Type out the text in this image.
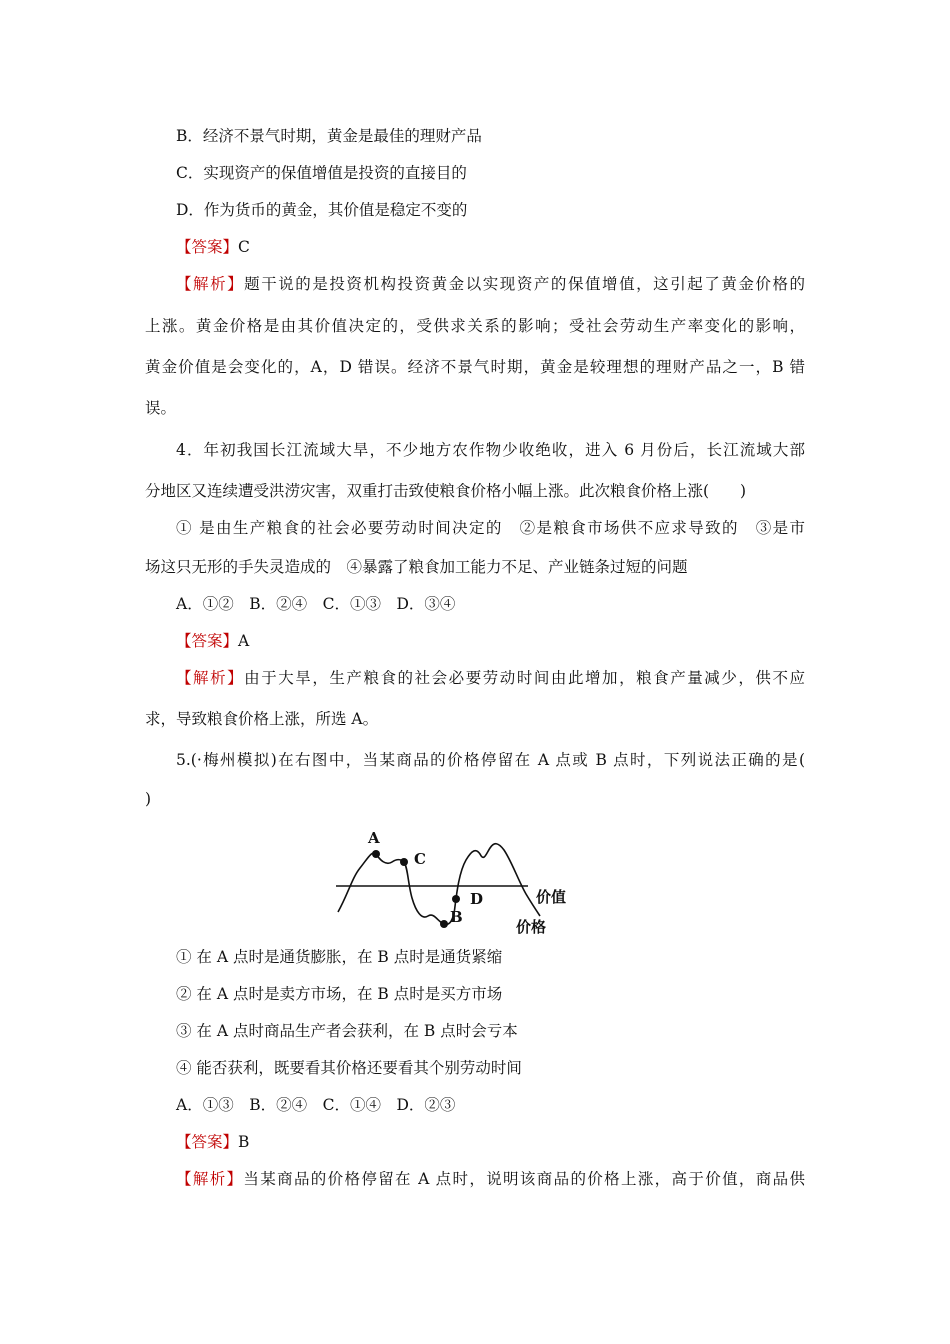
B．经济不景气时期，黄金是最佳的理财产品
C．实现资产的保值增值是投资的直接目的
D．作为货币的黄金，其价值是稳定不变的
【答案】C
【解析】题干说的是投资机构投资黄金以实现资产的保值增值，这引起了黄金价格的
上涨。黄金价格是由其价值决定的，受供求关系的影响；受社会劳动生产率变化的影响，
黄金价值是会变化的，A，D 错误。经济不景气时期，黄金是较理想的理财产品之一，B 错
误。
4．年初我国长江流域大旱，不少地方农作物少收绝收，进入 6 月份后，长江流域大部
分地区又连续遭受洪涝灾害，双重打击致使粮食价格小幅上涨。此次粮食价格上涨(　　)
① 是由生产粮食的社会必要劳动时间决定的　②是粮食市场供不应求导致的　③是市
场这只无形的手失灵造成的　④暴露了粮食加工能力不足、产业链条过短的问题
A．①②　B．②④　C．①③　D．③④
【答案】A
【解析】由于大旱，生产粮食的社会必要劳动时间由此增加，粮食产量减少，供不应
求，导致粮食价格上涨，所选 A。
5.(·梅州模拟)在右图中，当某商品的价格停留在 A 点或 B 点时，下列说法正确的是(
)
A
C
B
D	价值
价格
① 在 A 点时是通货膨胀，在 B 点时是通货紧缩
② 在 A 点时是卖方市场，在 B 点时是买方市场
③ 在 A 点时商品生产者会获利，在 B 点时会亏本
④ 能否获利，既要看其价格还要看其个别劳动时间
A．①③　B．②④　C．①④　D．②③
【答案】B
【解析】当某商品的价格停留在 A 点时，说明该商品的价格上涨，高于价值，商品供
